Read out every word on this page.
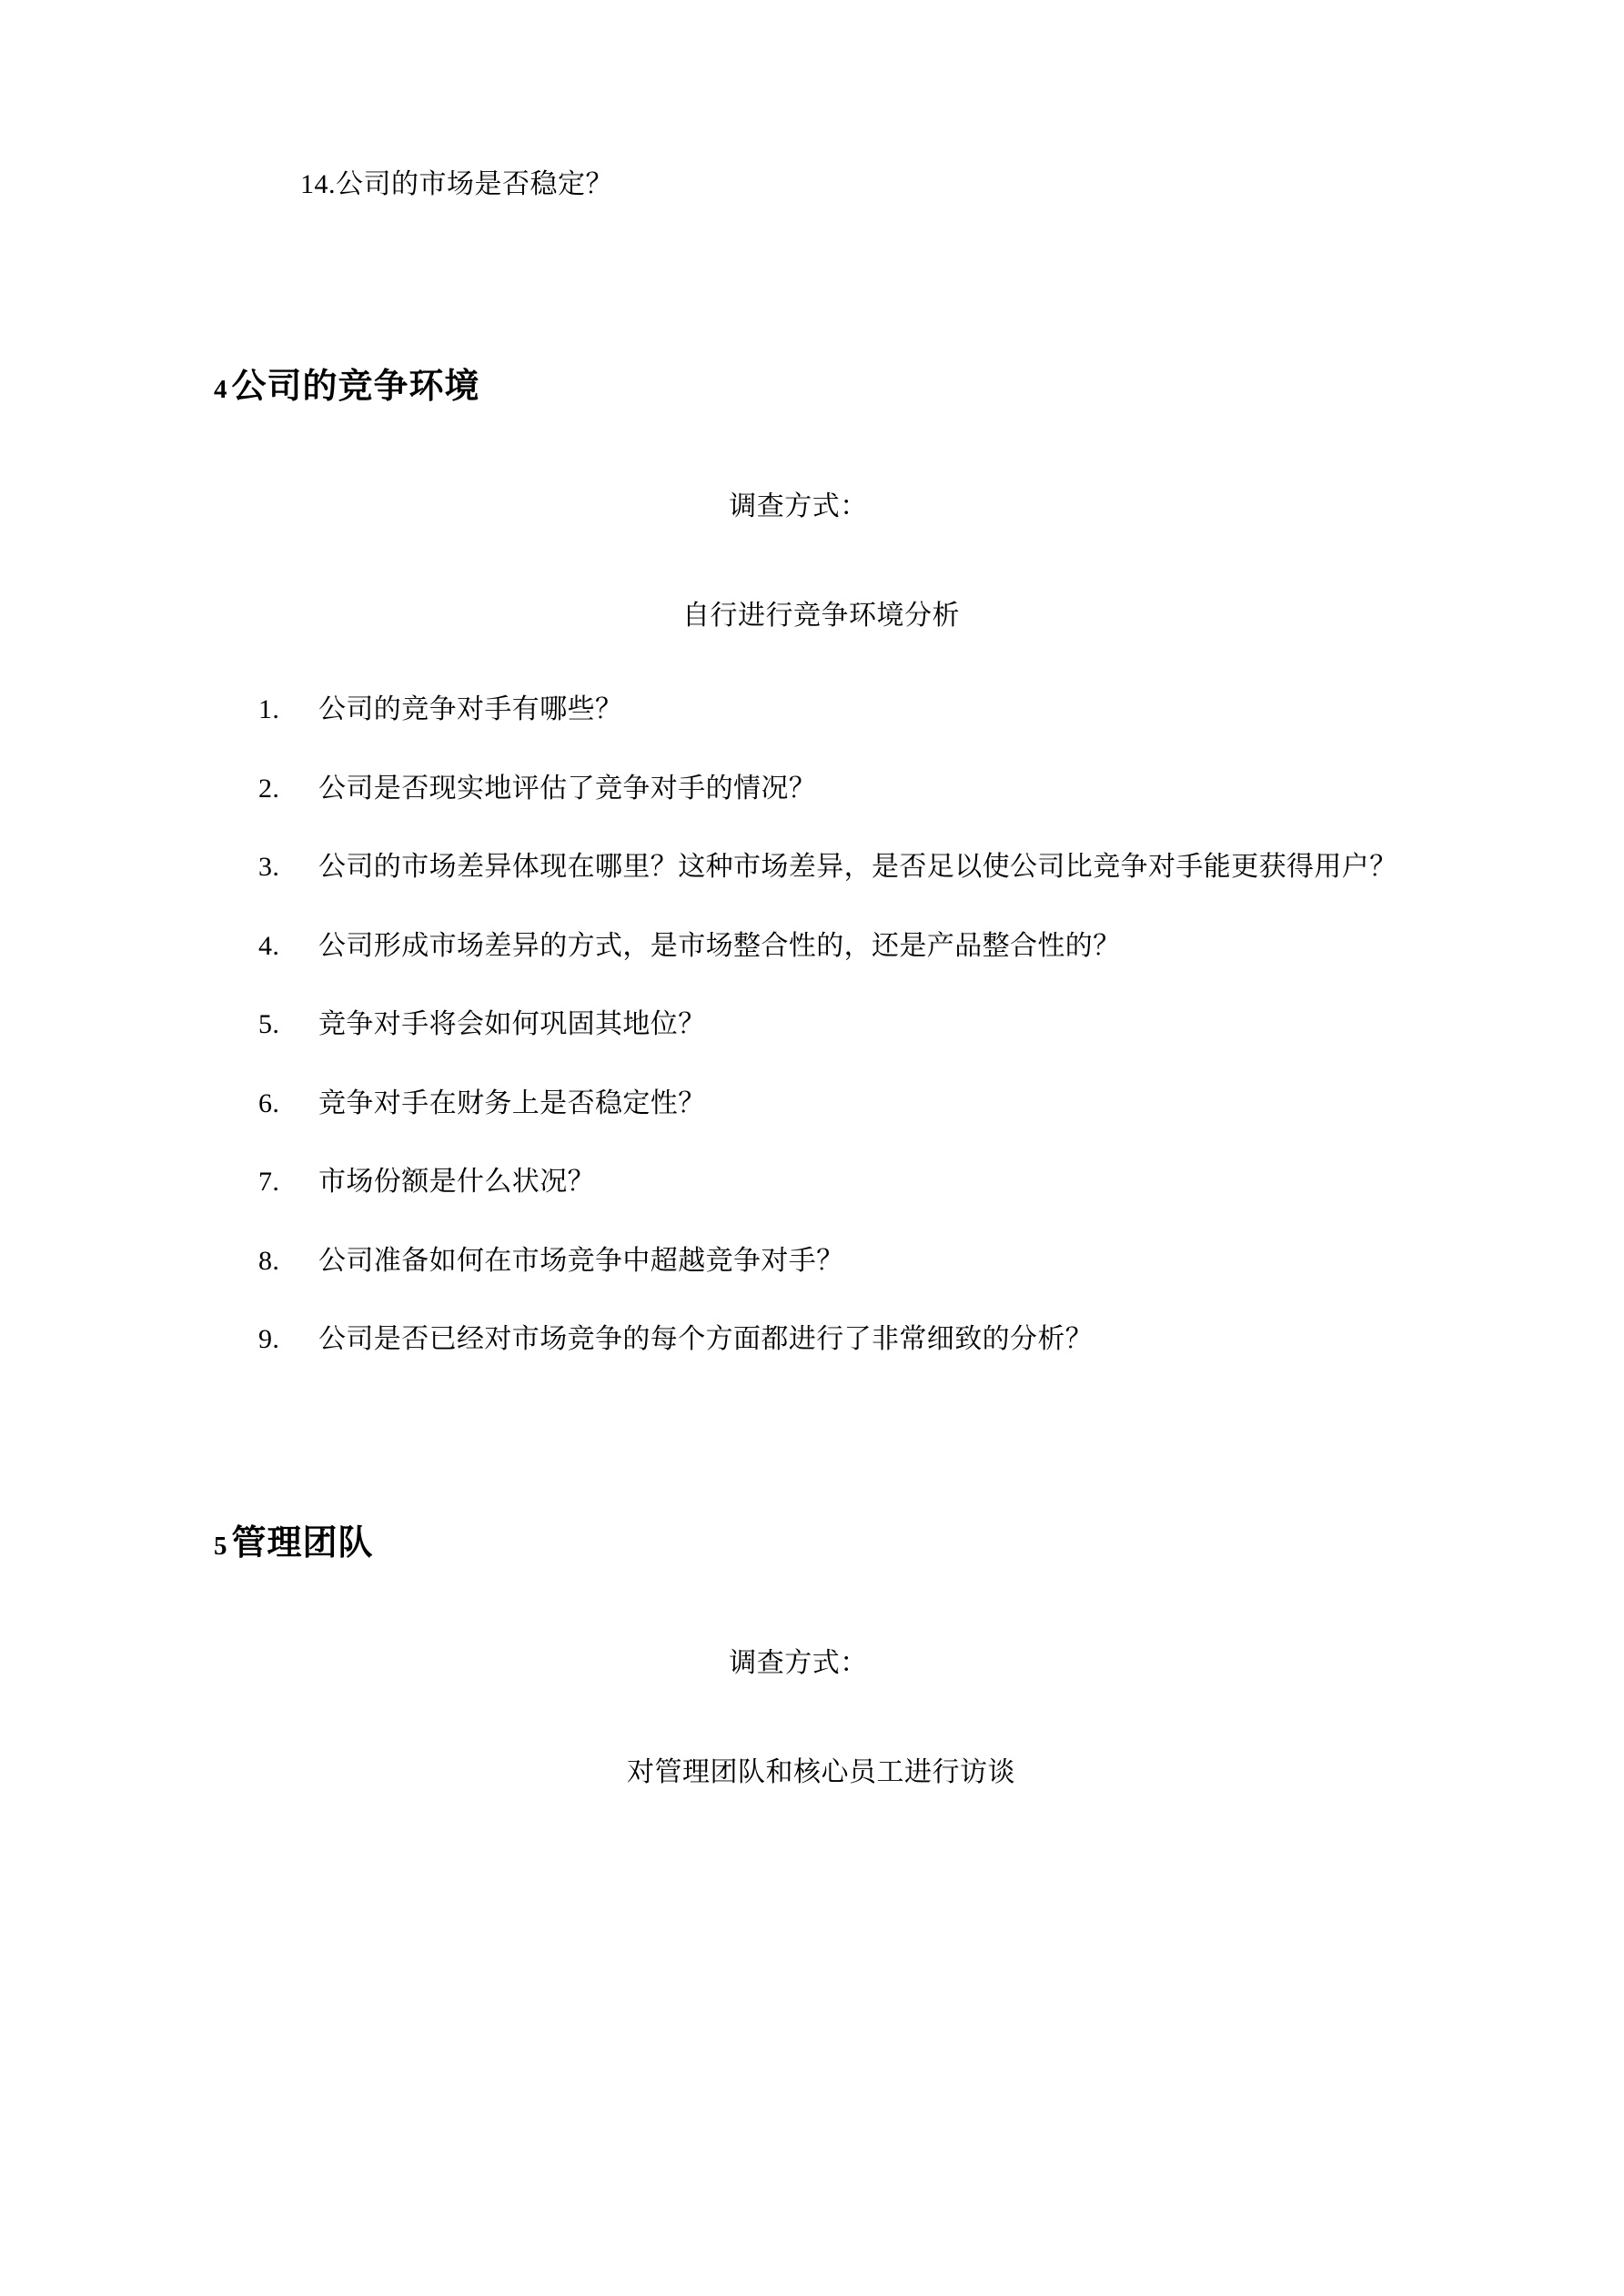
14.公司的市场是否稳定？

4 公司的竞争环境

调查方式：

自行进行竞争环境分析

1.	公司的竞争对手有哪些？
2.	公司是否现实地评估了竞争对手的情况？
3.	公司的市场差异体现在哪里？这种市场差异，是否足以使公司比竞争对手能更获得用户？
4.	公司形成市场差异的方式，是市场整合性的，还是产品整合性的？
5.	竞争对手将会如何巩固其地位？
6.	竞争对手在财务上是否稳定性？
7.	市场份额是什么状况？
8.	公司准备如何在市场竞争中超越竞争对手？
9.	公司是否已经对市场竞争的每个方面都进行了非常细致的分析？
5 管理团队

调查方式：

对管理团队和核心员工进行访谈
